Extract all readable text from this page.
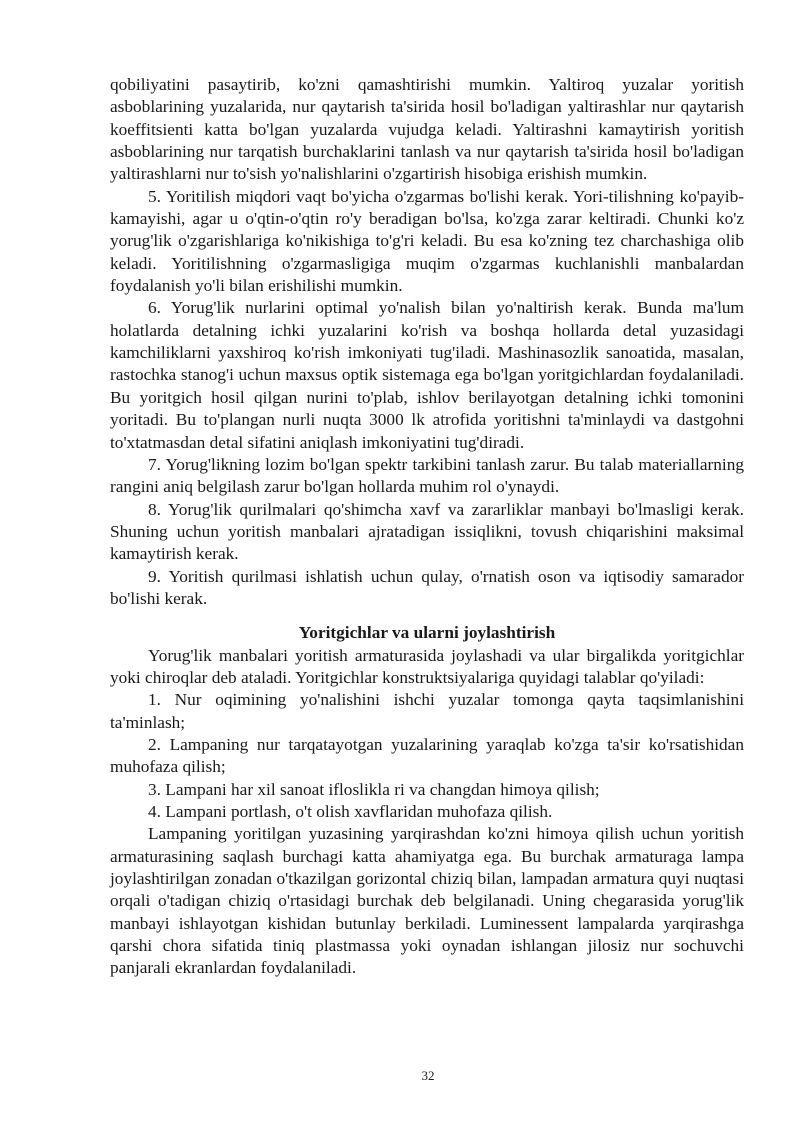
qobiliyatini pasaytirib, ko'zni qamashtirishi mumkin. Yaltiroq yuzalar yoritish asboblarining yuzalarida, nur qaytarish ta'sirida hosil bo'ladigan yaltirashlar nur qaytarish koeffitsienti katta bo'lgan yuzalarda vujudga keladi. Yaltirashni kamaytirish yoritish asboblarining nur tarqatish burchaklarini tanlash va nur qaytarish ta'sirida hosil bo'ladigan yaltirashlarni nur to'sish yo'nalishlarini o'zgartirish hisobiga erishish mumkin.

5. Yoritilish miqdori vaqt bo'yicha o'zgarmas bo'lishi kerak. Yori-tilishning ko'payib-kamayishi, agar u o'qtin-o'qtin ro'y beradigan bo'lsa, ko'zga zarar keltiradi. Chunki ko'z yorug'lik o'zgarishlariga ko'nikishiga to'g'ri keladi. Bu esa ko'zning tez charchashiga olib keladi. Yoritilishning o'zgarmasligiga muqim o'zgarmas kuchlanishli manbalardan foydalanish yo'li bilan erishilishi mumkin.

6. Yorug'lik nurlarini optimal yo'nalish bilan yo'naltirish kerak. Bunda ma'lum holatlarda detalning ichki yuzalarini ko'rish va boshqa hollarda detal yuzasidagi kamchiliklarni yaxshiroq ko'rish imkoniyati tug'iladi. Mashinasozlik sanoatida, masalan, rastochka stanog'i uchun maxsus optik sistemaga ega bo'lgan yoritgichlardan foydalaniladi. Bu yoritgich hosil qilgan nurini to'plab, ishlov berilayotgan detalning ichki tomonini yoritadi. Bu to'plangan nurli nuqta 3000 lk atrofida yoritishni ta'minlaydi va dastgohni to'xtatmasdan detal sifatini aniqlash imkoniyatini tug'diradi.

7. Yorug'likning lozim bo'lgan spektr tarkibini tanlash zarur. Bu talab materiallarning rangini aniq belgilash zarur bo'lgan hollarda muhim rol o'ynaydi.

8. Yorug'lik qurilmalari qo'shimcha xavf va zararliklar manbayi bo'lmasligi kerak. Shuning uchun yoritish manbalari ajratadigan issiqlikni, tovush chiqarishini maksimal kamaytirish kerak.

9. Yoritish qurilmasi ishlatish uchun qulay, o'rnatish oson va iqtisodiy samarador bo'lishi kerak.

Yoritgichlar va ularni joylashtirish

Yorug'lik manbalari yoritish armaturasida joylashadi va ular birgalikda yoritgichlar yoki chiroqlar deb ataladi. Yoritgichlar konstruktsiyalariga quyidagi talablar qo'yiladi:

1. Nur oqimining yo'nalishini ishchi yuzalar tomonga qayta taqsimlanishini ta'minlash;

2. Lampaning nur tarqatayotgan yuzalarining yaraqlab ko'zga ta'sir ko'rsatishidan muhofaza qilish;

3. Lampani har xil sanoat ifloslikla ri va changdan himoya qilish;

4. Lampani portlash, o't olish xavflaridan muhofaza qilish.

Lampaning yoritilgan yuzasining yarqirashdan ko'zni himoya qilish uchun yoritish armaturasining saqlash burchagi katta ahamiyatga ega. Bu burchak armaturaga lampa joylashtirilgan zonadan o'tkazilgan gorizontal chiziq bilan, lampadan armatura quyi nuqtasi orqali o'tadigan chiziq o'rtasidagi burchak deb belgilanadi. Uning chegarasida yorug'lik manbayi ishlayotgan kishidan butunlay berkiladi. Luminessent lampalarda yarqirashga qarshi chora sifatida tiniq plastmassa yoki oynadan ishlangan jilosiz nur sochuvchi panjarali ekranlardan foydalaniladi.

32
